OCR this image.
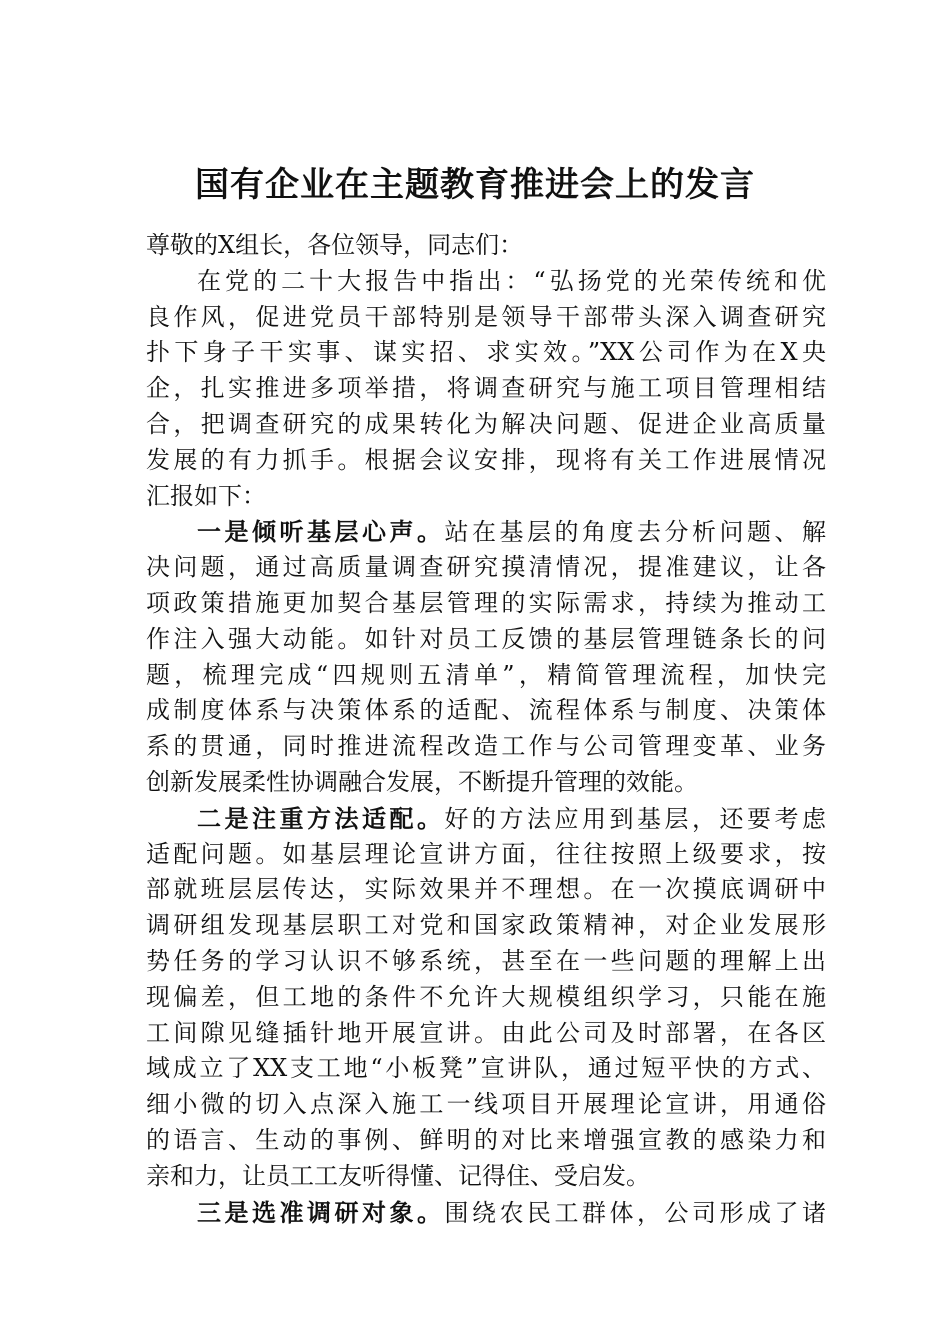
国有企业在主题教育推进会上的发言
尊敬的X组长，各位领导，同志们：
在党的二十大报告中指出：“弘扬党的光荣传统和优
良作风，促进党员干部特别是领导干部带头深入调查研究
扑下身子干实事、谋实招、求实效。”XX公司作为在X央
企，扎实推进多项举措，将调查研究与施工项目管理相结
合，把调查研究的成果转化为解决问题、促进企业高质量
发展的有力抓手。根据会议安排，现将有关工作进展情况
汇报如下：
一是倾听基层心声。站在基层的角度去分析问题、解
决问题，通过高质量调查研究摸清情况，提准建议，让各
项政策措施更加契合基层管理的实际需求，持续为推动工
作注入强大动能。如针对员工反馈的基层管理链条长的问
题，梳理完成“四规则五清单”，精简管理流程，加快完
成制度体系与决策体系的适配、流程体系与制度、决策体
系的贯通，同时推进流程改造工作与公司管理变革、业务
创新发展柔性协调融合发展，不断提升管理的效能。
二是注重方法适配。好的方法应用到基层，还要考虑
适配问题。如基层理论宣讲方面，往往按照上级要求，按
部就班层层传达，实际效果并不理想。在一次摸底调研中
调研组发现基层职工对党和国家政策精神，对企业发展形
势任务的学习认识不够系统，甚至在一些问题的理解上出
现偏差，但工地的条件不允许大规模组织学习，只能在施
工间隙见缝插针地开展宣讲。由此公司及时部署，在各区
域成立了XX支工地“小板凳”宣讲队，通过短平快的方式、
细小微的切入点深入施工一线项目开展理论宣讲，用通俗
的语言、生动的事例、鲜明的对比来增强宣教的感染力和
亲和力，让员工工友听得懂、记得住、受启发。
三是选准调研对象。围绕农民工群体，公司形成了诸
